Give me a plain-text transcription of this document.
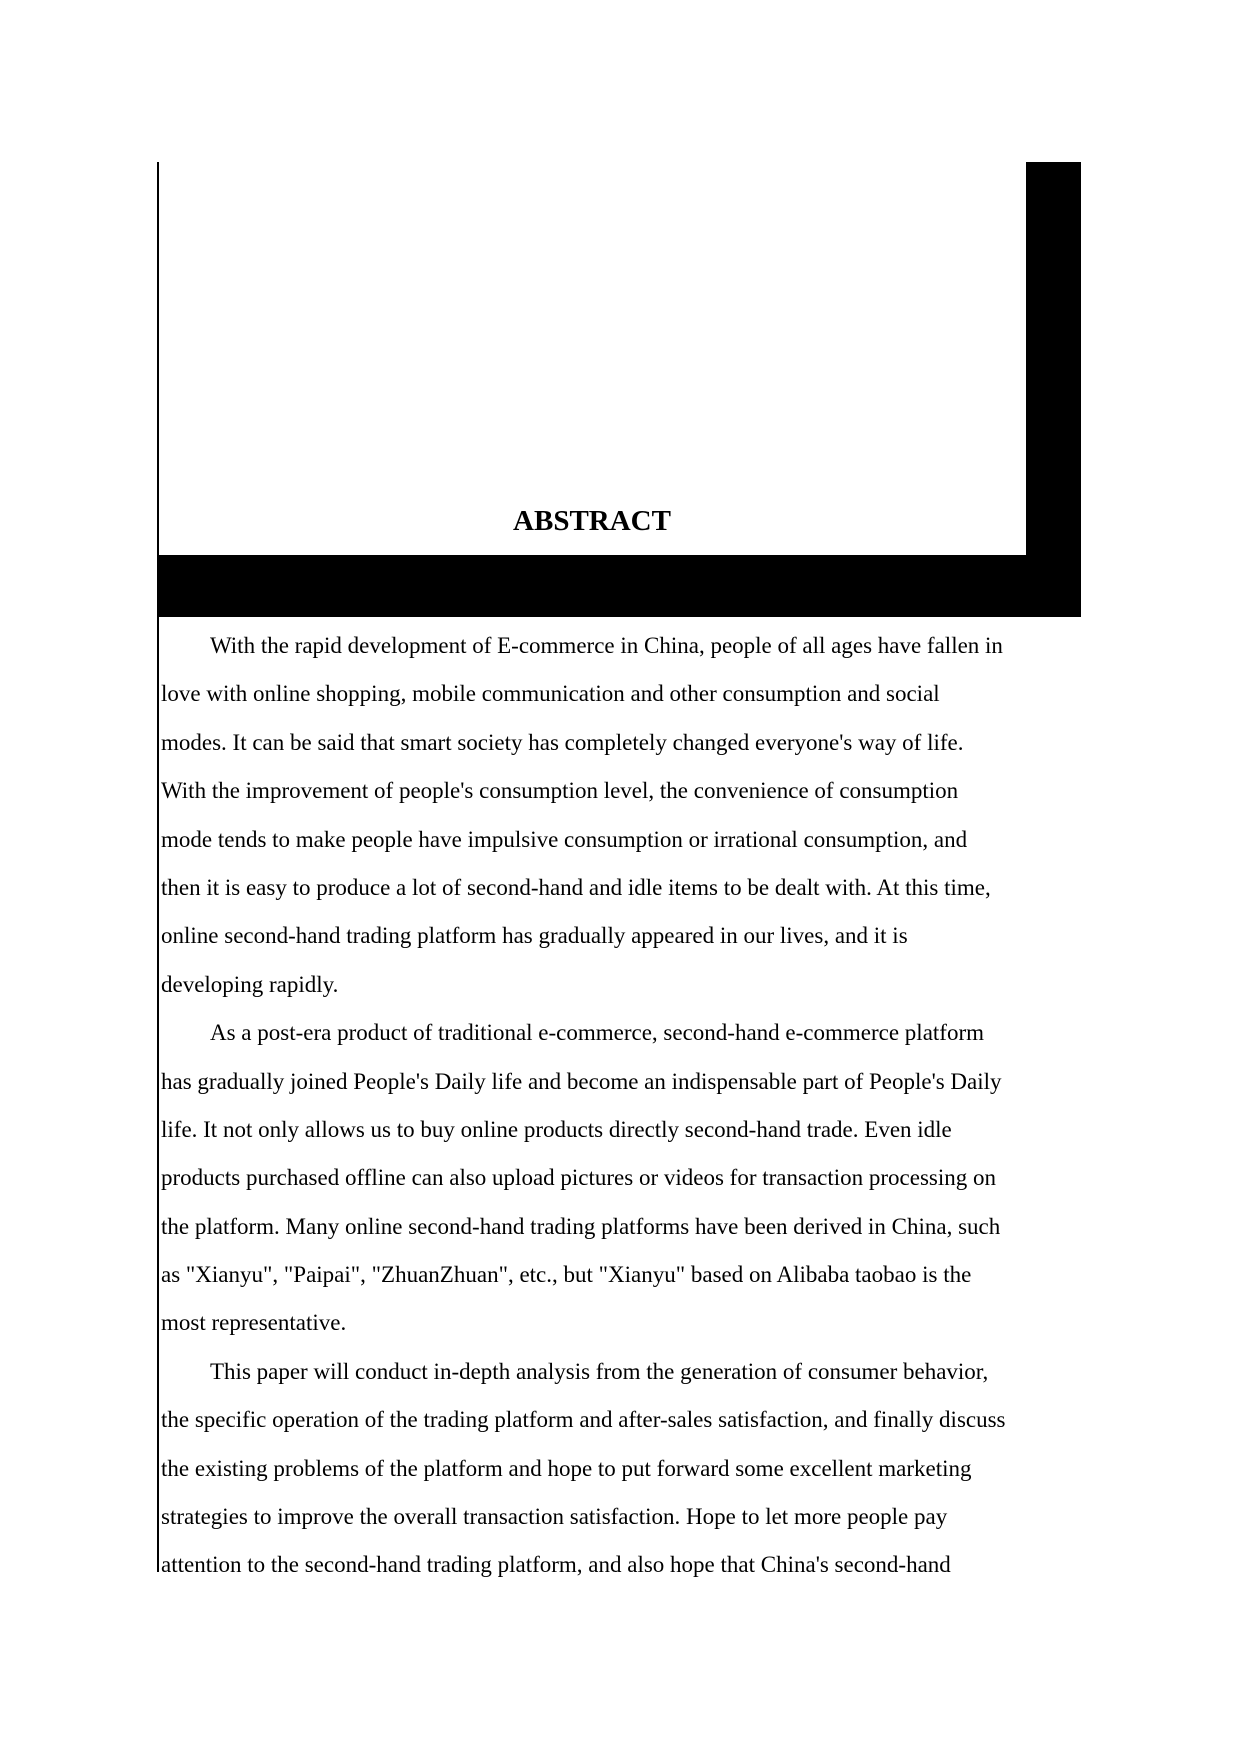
ABSTRACT
With the rapid development of E-commerce in China, people of all ages have fallen in
love with online shopping, mobile communication and other consumption and social
modes. It can be said that smart society has completely changed everyone's way of life.
With the improvement of people's consumption level, the convenience of consumption
mode tends to make people have impulsive consumption or irrational consumption, and
then it is easy to produce a lot of second-hand and idle items to be dealt with. At this time,
online second-hand trading platform has gradually appeared in our lives, and it is
developing rapidly.
As a post-era product of traditional e-commerce, second-hand e-commerce platform
has gradually joined People's Daily life and become an indispensable part of People's Daily
life. It not only allows us to buy online products directly second-hand trade. Even idle
products purchased offline can also upload pictures or videos for transaction processing on
the platform. Many online second-hand trading platforms have been derived in China, such
as "Xianyu", "Paipai", "ZhuanZhuan", etc., but "Xianyu" based on Alibaba taobao is the
most representative.
This paper will conduct in-depth analysis from the generation of consumer behavior,
the specific operation of the trading platform and after-sales satisfaction, and finally discuss
the existing problems of the platform and hope to put forward some excellent marketing
strategies to improve the overall transaction satisfaction. Hope to let more people pay
attention to the second-hand trading platform, and also hope that China's second-hand
